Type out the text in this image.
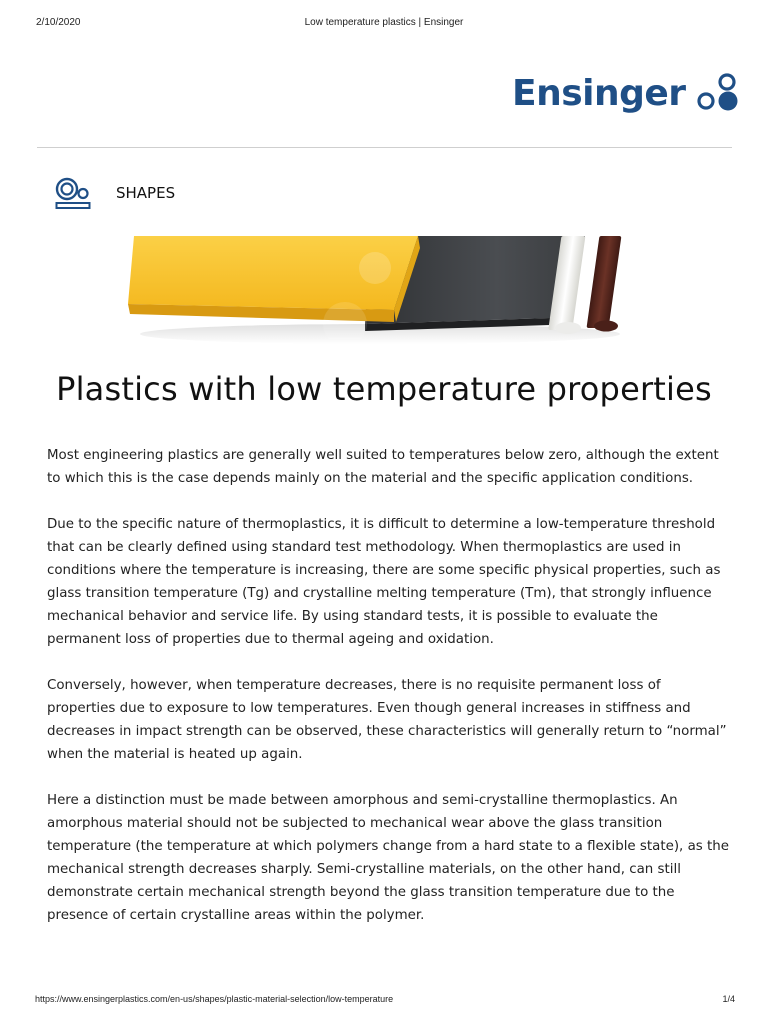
2/10/2020	Low temperature plastics | Ensinger
Ensinger
SHAPES
Plastics with low temperature properties

Most engineering plastics are generally well suited to temperatures below zero, although the extent to which this is the case depends mainly on the material and the specific application conditions.

Due to the specific nature of thermoplastics, it is difficult to determine a low-temperature threshold that can be clearly defined using standard test methodology. When thermoplastics are used in conditions where the temperature is increasing, there are some specific physical properties, such as glass transition temperature (Tg) and crystalline melting temperature (Tm), that strongly influence mechanical behavior and service life. By using standard tests, it is possible to evaluate the permanent loss of properties due to thermal ageing and oxidation.

Conversely, however, when temperature decreases, there is no requisite permanent loss of properties due to exposure to low temperatures. Even though general increases in stiffness and decreases in impact strength can be observed, these characteristics will generally return to “normal” when the material is heated up again.

Here a distinction must be made between amorphous and semi-crystalline thermoplastics. An amorphous material should not be subjected to mechanical wear above the glass transition temperature (the temperature at which polymers change from a hard state to a flexible state), as the mechanical strength decreases sharply. Semi-crystalline materials, on the other hand, can still demonstrate certain mechanical strength beyond the glass transition temperature due to the presence of certain crystalline areas within the polymer.

https://www.ensingerplastics.com/en-us/shapes/plastic-material-selection/low-temperature	1/4
